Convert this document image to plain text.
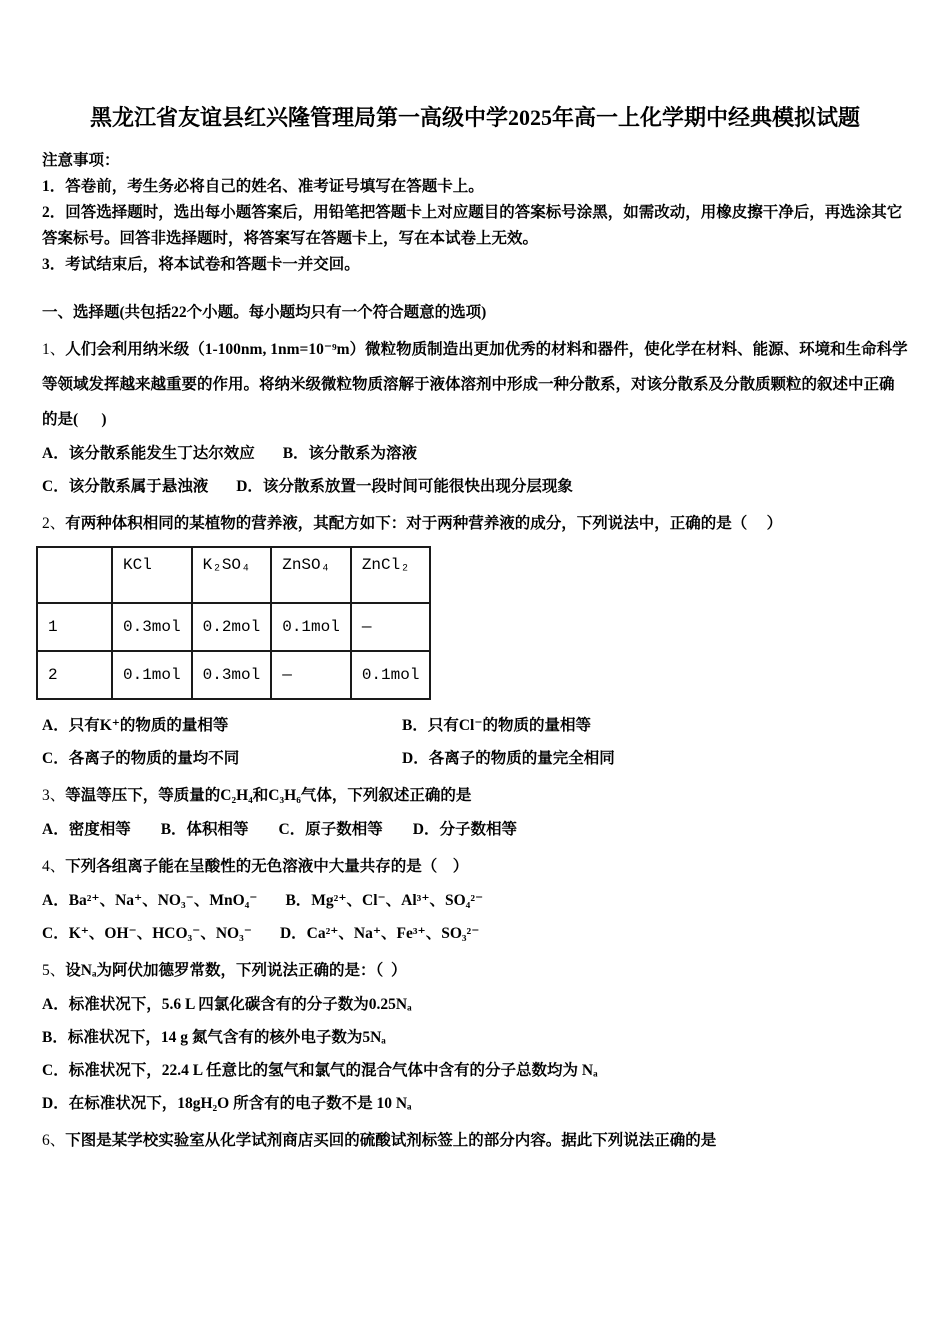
黑龙江省友谊县红兴隆管理局第一高级中学2025年高一上化学期中经典模拟试题

注意事项：

1．答卷前，考生务必将自己的姓名、准考证号填写在答题卡上。

2．回答选择题时，选出每小题答案后，用铅笔把答题卡上对应题目的答案标号涂黑，如需改动，用橡皮擦干净后，再选涂其它答案标号。回答非选择题时，将答案写在答题卡上，写在本试卷上无效。

3．考试结束后，将本试卷和答题卡一并交回。

一、选择题(共包括22个小题。每小题均只有一个符合题意的选项)

1、人们会利用纳米级（1-100nm, 1nm=10⁻⁹m）微粒物质制造出更加优秀的材料和器件，使化学在材料、能源、环境和生命科学等领域发挥越来越重要的作用。将纳米级微粒物质溶解于液体溶剂中形成一种分散系，对该分散系及分散质颗粒的叙述中正确的是(      )

A．该分散系能发生丁达尔效应 B．该分散系为溶液

C．该分散系属于悬浊液 D．该分散系放置一段时间可能很快出现分层现象

2、有两种体积相同的某植物的营养液，其配方如下：对于两种营养液的成分，下列说法中，正确的是（     ）

	KCl	K₂SO₄	ZnSO₄	ZnCl₂
1	0.3mol	0.2mol	0.1mol	—
2	0.1mol	0.3mol	—	0.1mol

A．只有K⁺的物质的量相等	B．只有Cl⁻的物质的量相等

C．各离子的物质的量均不同	D．各离子的物质的量完全相同

3、等温等压下，等质量的C₂H₄和C₃H₆气体，下列叙述正确的是

A．密度相等 B．体积相等 C．原子数相等 D．分子数相等

4、下列各组离子能在呈酸性的无色溶液中大量共存的是（    ）

A．Ba²⁺、Na⁺、NO₃⁻、MnO₄⁻ B．Mg²⁺、Cl⁻、Al³⁺、SO₄²⁻

C．K⁺、OH⁻、HCO₃⁻、NO₃⁻ D．Ca²⁺、Na⁺、Fe³⁺、SO₃²⁻

5、设Nₐ为阿伏加德罗常数，下列说法正确的是：（  ）

A．标准状况下，5.6 L 四氯化碳含有的分子数为0.25Nₐ

B．标准状况下，14 g 氮气含有的核外电子数为5Nₐ

C．标准状况下，22.4 L 任意比的氢气和氯气的混合气体中含有的分子总数均为 Nₐ

D．在标准状况下，18gH₂O 所含有的电子数不是 10 Nₐ

6、下图是某学校实验室从化学试剂商店买回的硫酸试剂标签上的部分内容。据此下列说法正确的是
